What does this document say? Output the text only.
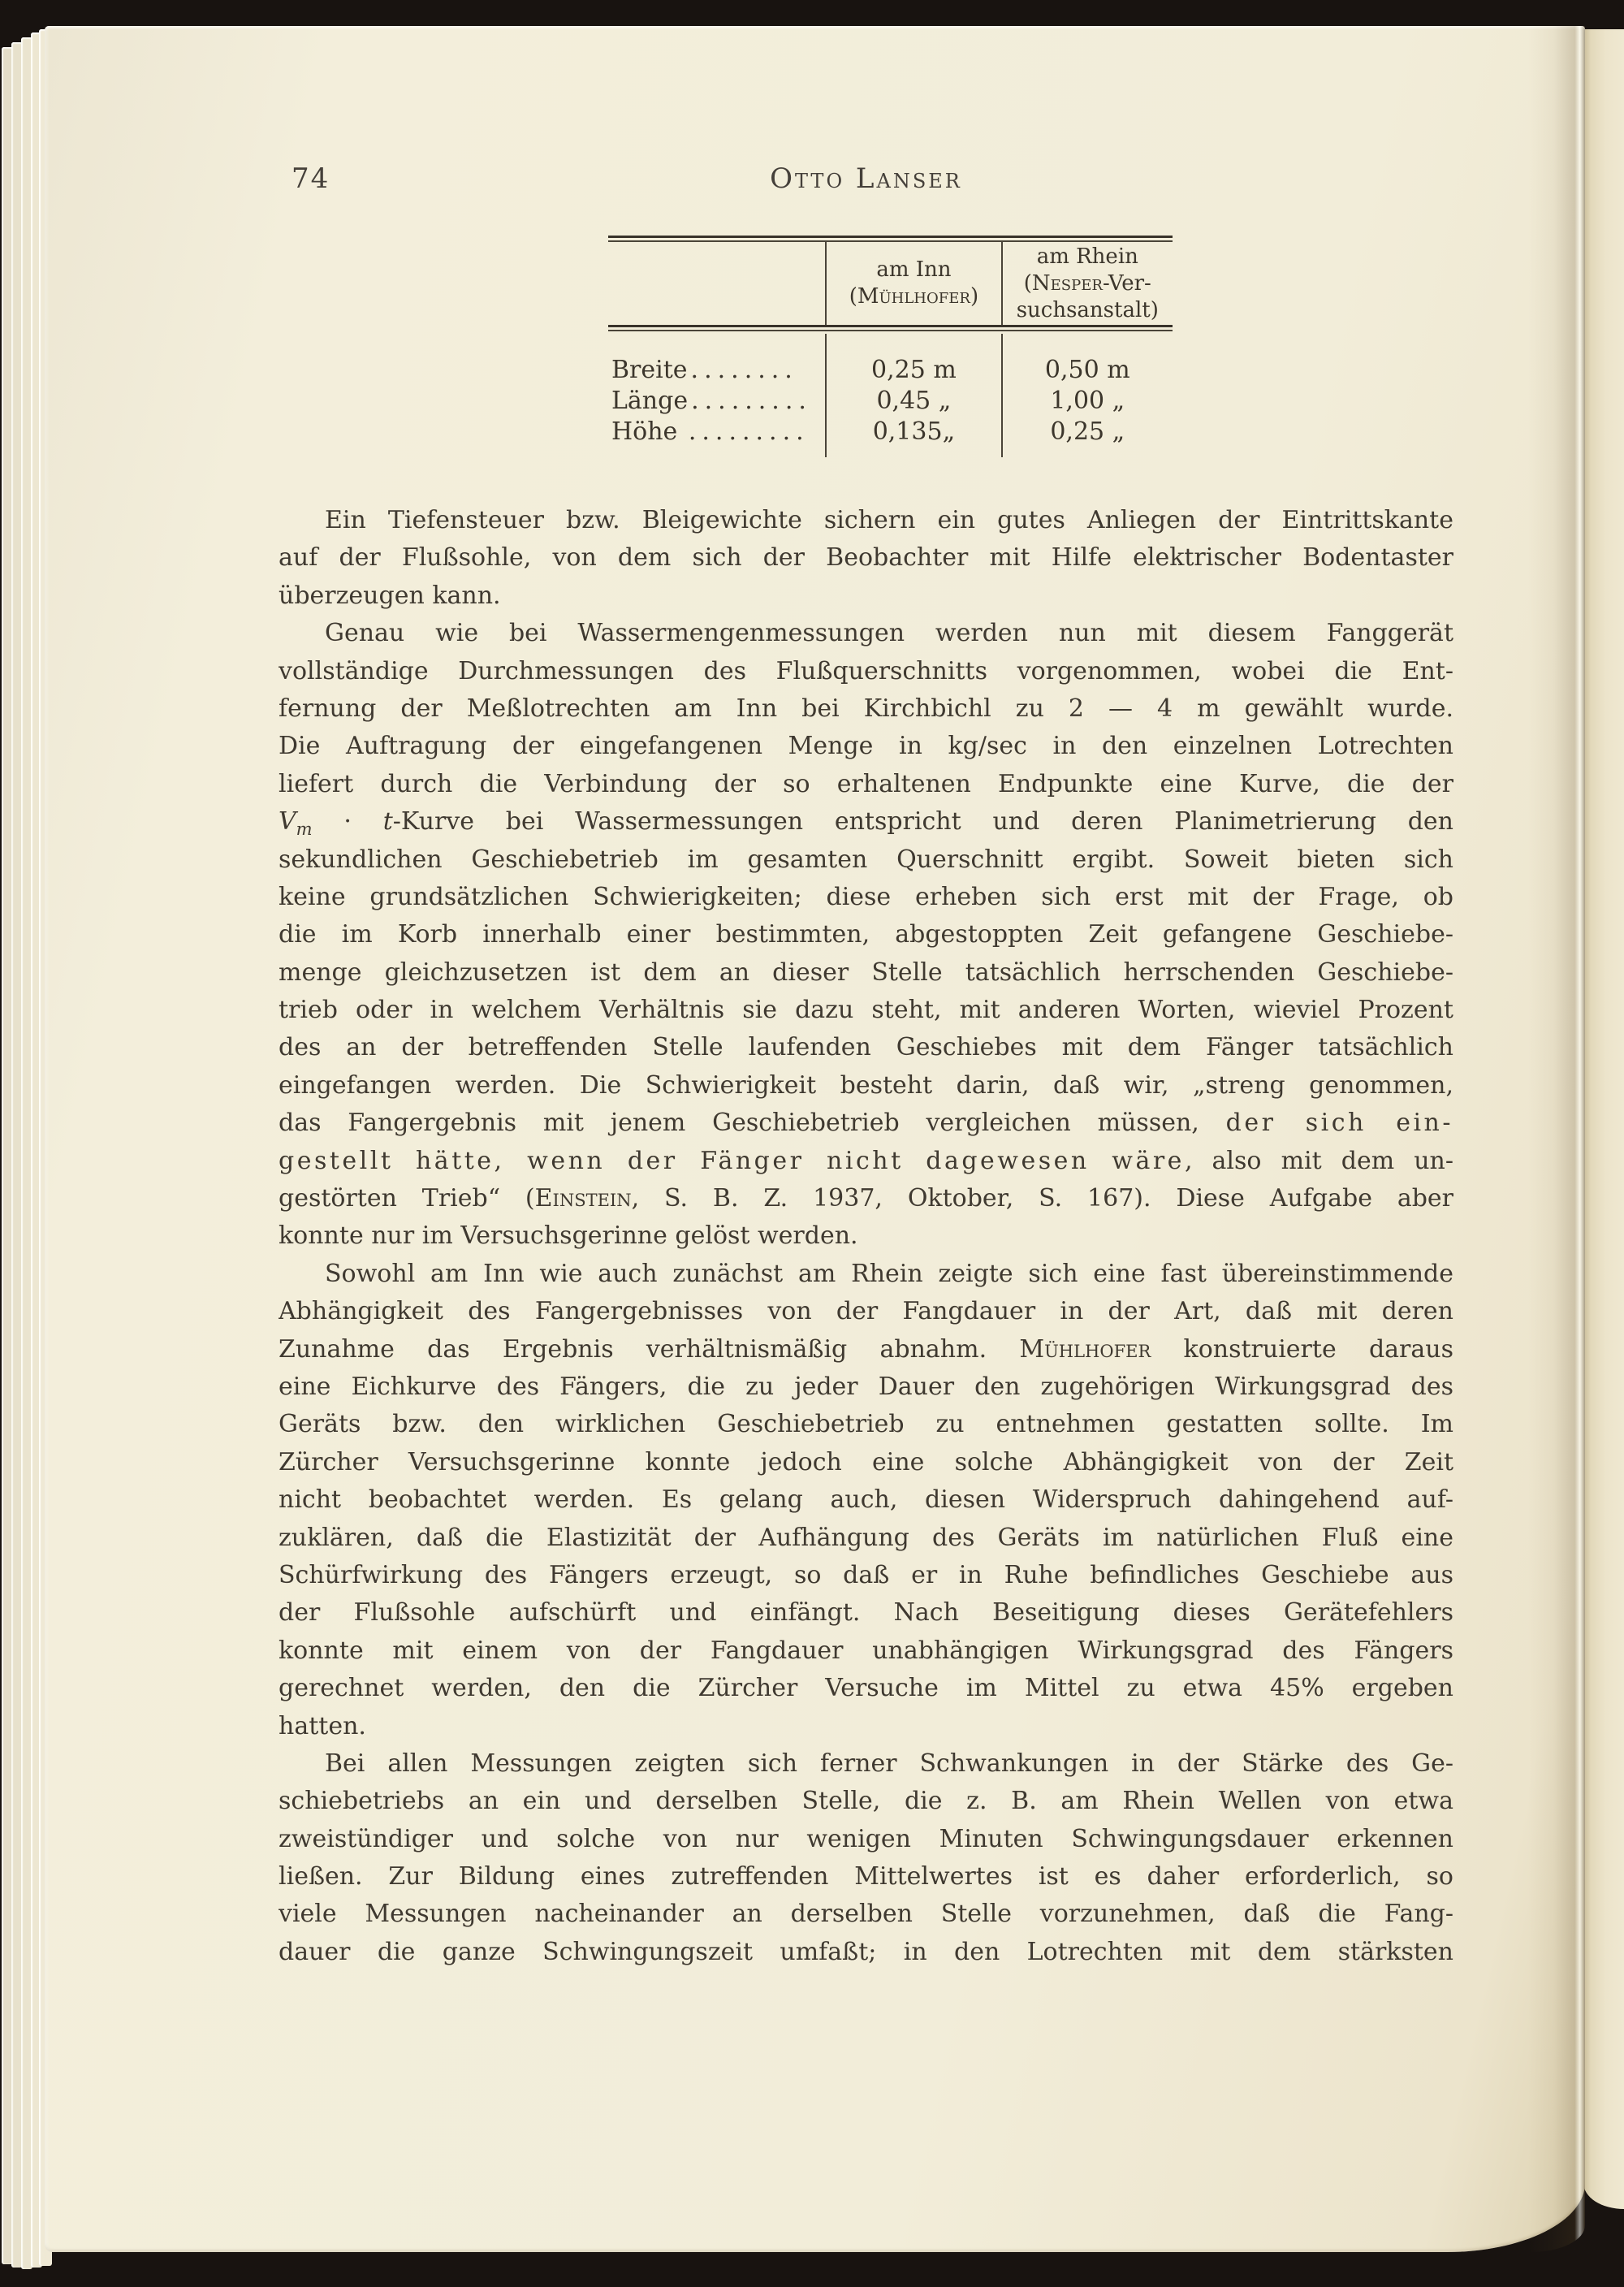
74	Otto Lanser
am Inn
(Mühlhofer)
am Rhein
(Nesper-Ver-
suchsanstalt)
Breite ........
Länge .........
Höhe .........
0,25 m
0,45 „
0,135„
0,50 m
1,00 „
0,25 „
Ein Tiefensteuer bzw. Bleigewichte sichern ein gutes Anliegen der Eintrittskante
auf der Flußsohle, von dem sich der Beobachter mit Hilfe elektrischer Bodentaster
überzeugen kann.
Genau wie bei Wassermengenmessungen werden nun mit diesem Fanggerät
vollständige Durchmessungen des Flußquerschnitts vorgenommen, wobei die Ent-
fernung der Meßlotrechten am Inn bei Kirchbichl zu 2 — 4 m gewählt wurde.
Die Auftragung der eingefangenen Menge in kg/sec in den einzelnen Lotrechten
liefert durch die Verbindung der so erhaltenen Endpunkte eine Kurve, die der
$V_m$ · t-Kurve bei Wassermessungen entspricht und deren Planimetrierung den
sekundlichen Geschiebetrieb im gesamten Querschnitt ergibt. Soweit bieten sich
keine grundsätzlichen Schwierigkeiten; diese erheben sich erst mit der Frage, ob
die im Korb innerhalb einer bestimmten, abgestoppten Zeit gefangene Geschiebe-
menge gleichzusetzen ist dem an dieser Stelle tatsächlich herrschenden Geschiebe-
trieb oder in welchem Verhältnis sie dazu steht, mit anderen Worten, wieviel Prozent
des an der betreffenden Stelle laufenden Geschiebes mit dem Fänger tatsächlich
eingefangen werden. Die Schwierigkeit besteht darin, daß wir, „streng genommen,
das Fangergebnis mit jenem Geschiebetrieb vergleichen müssen, der sich ein-
gestellt hätte, wenn der Fänger nicht dagewesen wäre, also mit dem un-
gestörten Trieb“ (Einstein, S. B. Z. 1937, Oktober, S. 167). Diese Aufgabe aber
konnte nur im Versuchsgerinne gelöst werden.
Sowohl am Inn wie auch zunächst am Rhein zeigte sich eine fast übereinstimmende
Abhängigkeit des Fangergebnisses von der Fangdauer in der Art, daß mit deren
Zunahme das Ergebnis verhältnismäßig abnahm. Mühlhofer konstruierte daraus
eine Eichkurve des Fängers, die zu jeder Dauer den zugehörigen Wirkungsgrad des
Geräts bzw. den wirklichen Geschiebetrieb zu entnehmen gestatten sollte. Im
Zürcher Versuchsgerinne konnte jedoch eine solche Abhängigkeit von der Zeit
nicht beobachtet werden. Es gelang auch, diesen Widerspruch dahingehend auf-
zuklären, daß die Elastizität der Aufhängung des Geräts im natürlichen Fluß eine
Schürfwirkung des Fängers erzeugt, so daß er in Ruhe befindliches Geschiebe aus
der Flußsohle aufschürft und einfängt. Nach Beseitigung dieses Gerätefehlers
konnte mit einem von der Fangdauer unabhängigen Wirkungsgrad des Fängers
gerechnet werden, den die Zürcher Versuche im Mittel zu etwa 45% ergeben
hatten.
Bei allen Messungen zeigten sich ferner Schwankungen in der Stärke des Ge-
schiebetriebs an ein und derselben Stelle, die z. B. am Rhein Wellen von etwa
zweistündiger und solche von nur wenigen Minuten Schwingungsdauer erkennen
ließen. Zur Bildung eines zutreffenden Mittelwertes ist es daher erforderlich, so
viele Messungen nacheinander an derselben Stelle vorzunehmen, daß die Fang-
dauer die ganze Schwingungszeit umfaßt; in den Lotrechten mit dem stärksten
